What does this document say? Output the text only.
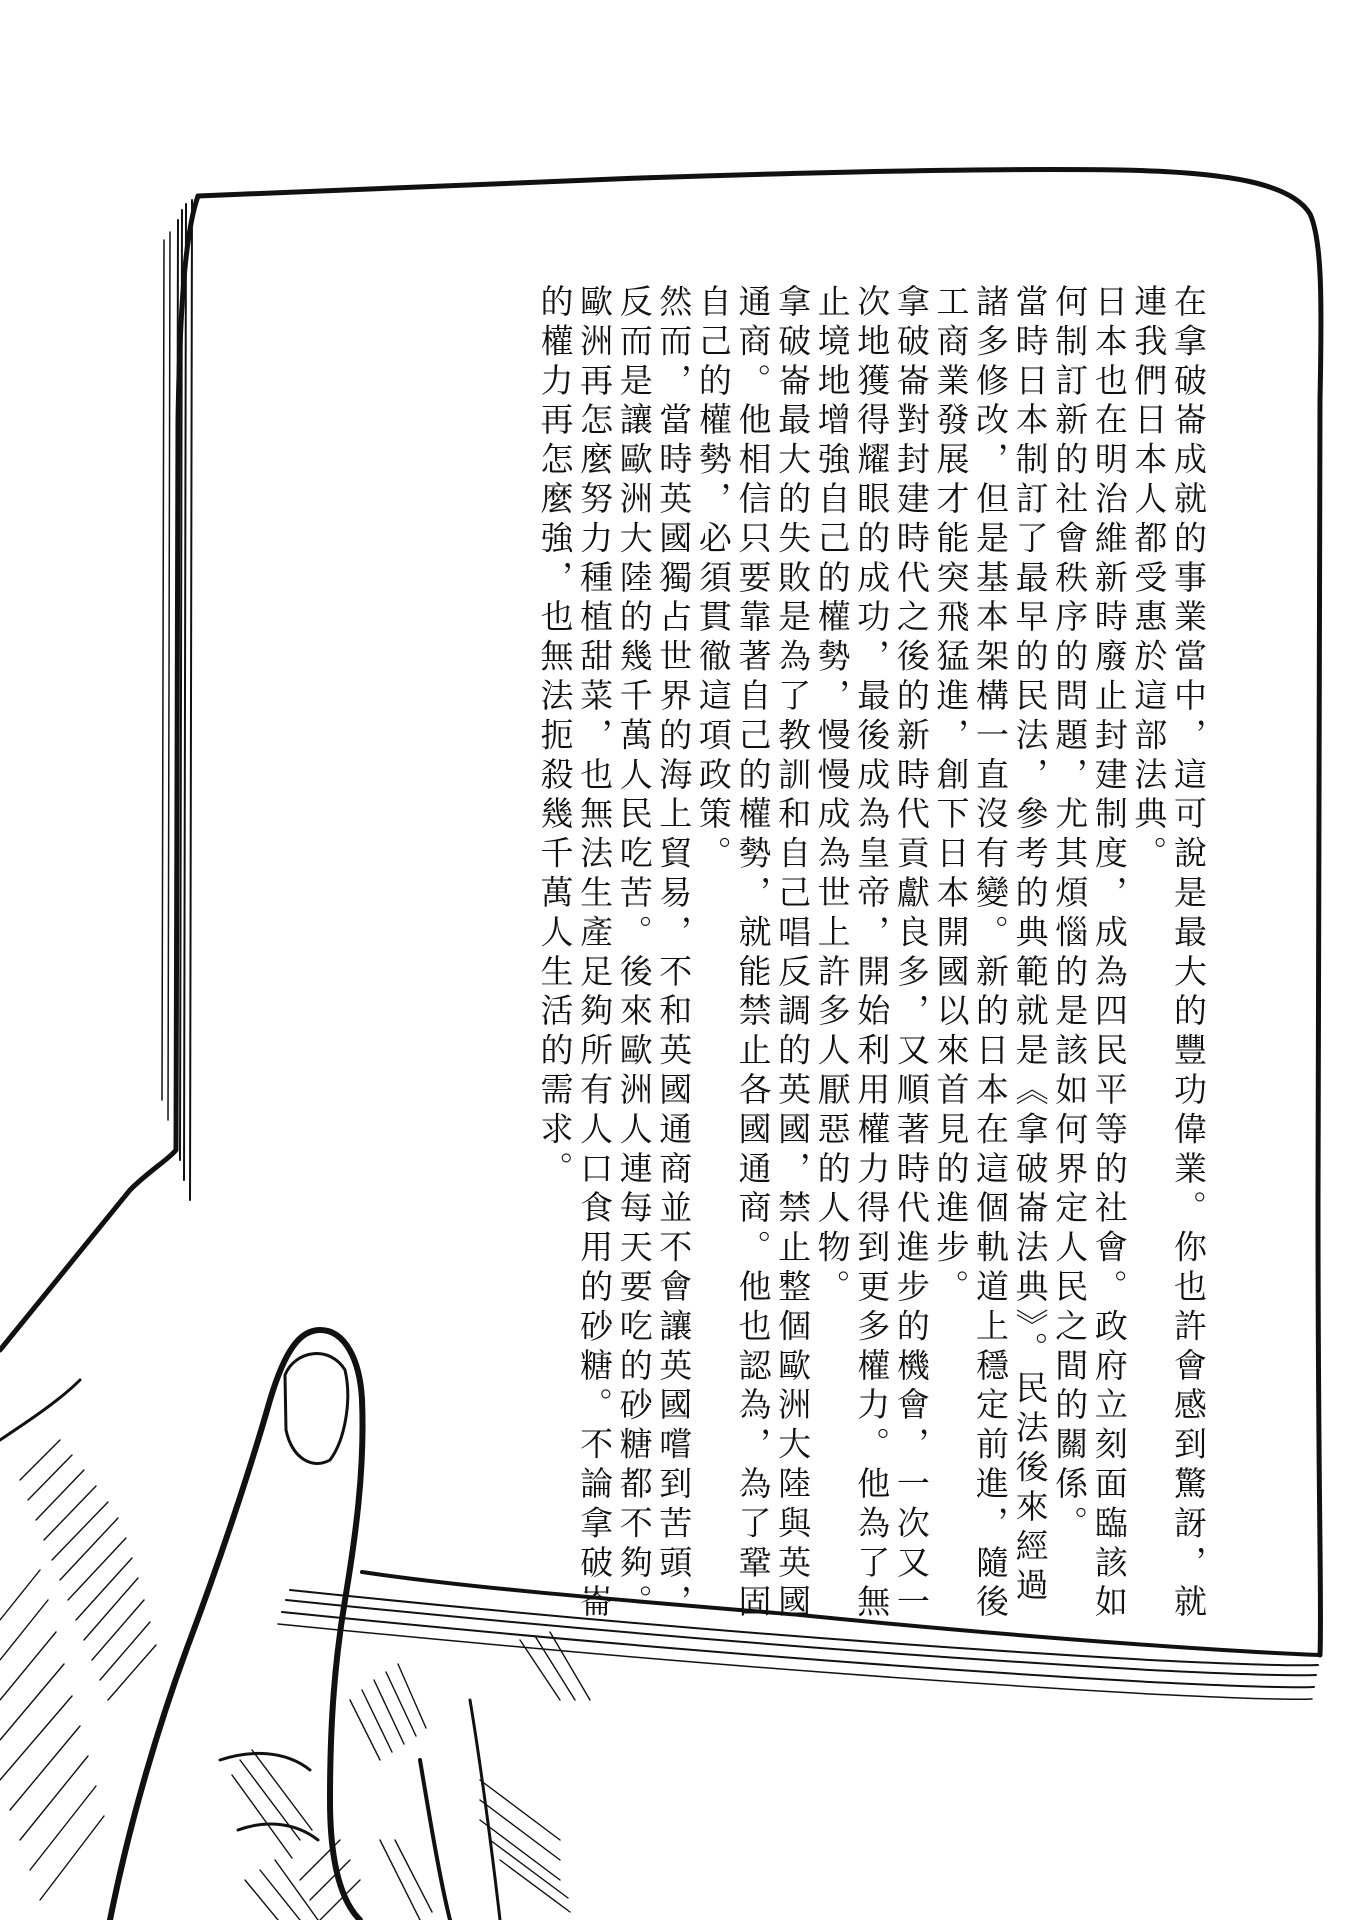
在拿破崙成就的事業當中，這可說是最大的豐功偉業。你也許會感到驚訝，就連我們日本人都受惠於這部法典。

日本也在明治維新時廢止封建制度，成為四民平等的社會。政府立刻面臨該如何制訂新的社會秩序的問題，尤其煩惱的是該如何界定人民之間的關係。

當時日本制訂了最早的民法，參考的典範就是《拿破崙法典》。民法後來經過諸多修改，但是基本架構一直沒有變。新的日本在這個軌道上穩定前進，隨後工商業發展才能突飛猛進，創下日本開國以來首見的進步。

拿破崙對封建時代之後的新時代貢獻良多，又順著時代進步的機會，一次又一次地獲得耀眼的成功，最後成為皇帝，開始利用權力得到更多權力。他為了無止境地增強自己的權勢，慢慢成為世上許多人厭惡的人物。

拿破崙最大的失敗是為了教訓和自己唱反調的英國，禁止整個歐洲大陸與英國通商。他相信只要靠著自己的權勢，就能禁止各國通商。他也認為，為了鞏固自己的權勢，必須貫徹這項政策。

然而，當時英國獨占世界的海上貿易，不和英國通商並不會讓英國嚐到苦頭，反而是讓歐洲大陸的幾千萬人民吃苦。後來歐洲人連每天要吃的砂糖都不夠。

歐洲再怎麼努力種植甜菜，也無法生產足夠所有人口食用的砂糖。不論拿破崙的權力再怎麼強，也無法扼殺幾千萬人生活的需求。
